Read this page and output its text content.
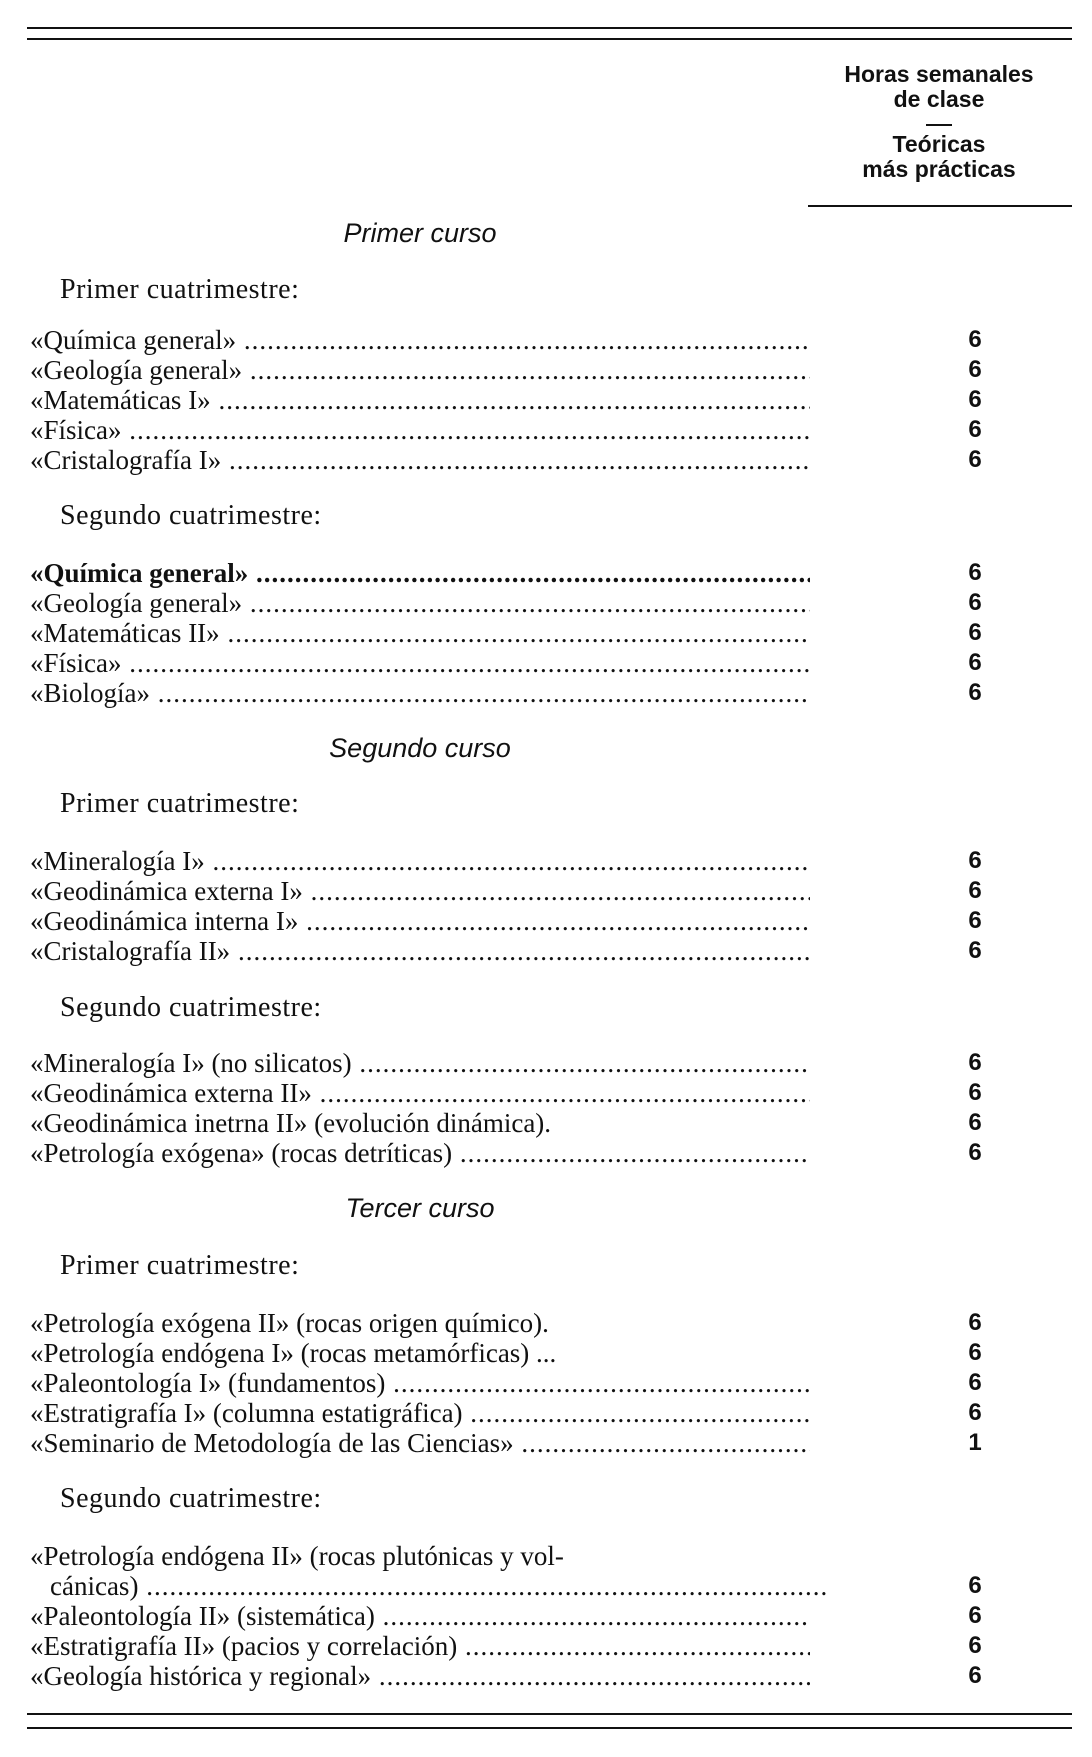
Horas semanales
de clase
Teóricas
más prácticas
Primer curso
Primer cuatrimestre:
«Química general» .....	6
«Geología general» .....	6
«Matemáticas I» .....	6
«Física» .....	6
«Cristalografía I» .....	6
Segundo cuatrimestre:
«Química general» .....	6
«Geología general» .....	6
«Matemáticas II» .....	6
«Física» .....	6
«Biología» .....	6
Segundo curso
Primer cuatrimestre:
«Mineralogía I» .....	6
«Geodinámica externa I» .....	6
«Geodinámica interna I» .....	6
«Cristalografía II» .....	6
Segundo cuatrimestre:
«Mineralogía I» (no silicatos) .....	6
«Geodinámica externa II» .....	6
«Geodinámica inetrna II» (evolución dinámica).	6
«Petrología exógena» (rocas detríticas) .....	6
Tercer curso
Primer cuatrimestre:
«Petrología exógena II» (rocas origen químico).	6
«Petrología endógena I» (rocas metamórficas) ...	6
«Paleontología I» (fundamentos) .....	6
«Estratigrafía I» (columna estatigráfica) .....	6
«Seminario de Metodología de las Ciencias» .....	1
Segundo cuatrimestre:
«Petrología endógena II» (rocas plutónicas y vol-
cánicas) .....	6
«Paleontología II» (sistemática) .....	6
«Estratigrafía II» (pacios y correlación) .....	6
«Geología histórica y regional» .....	6
